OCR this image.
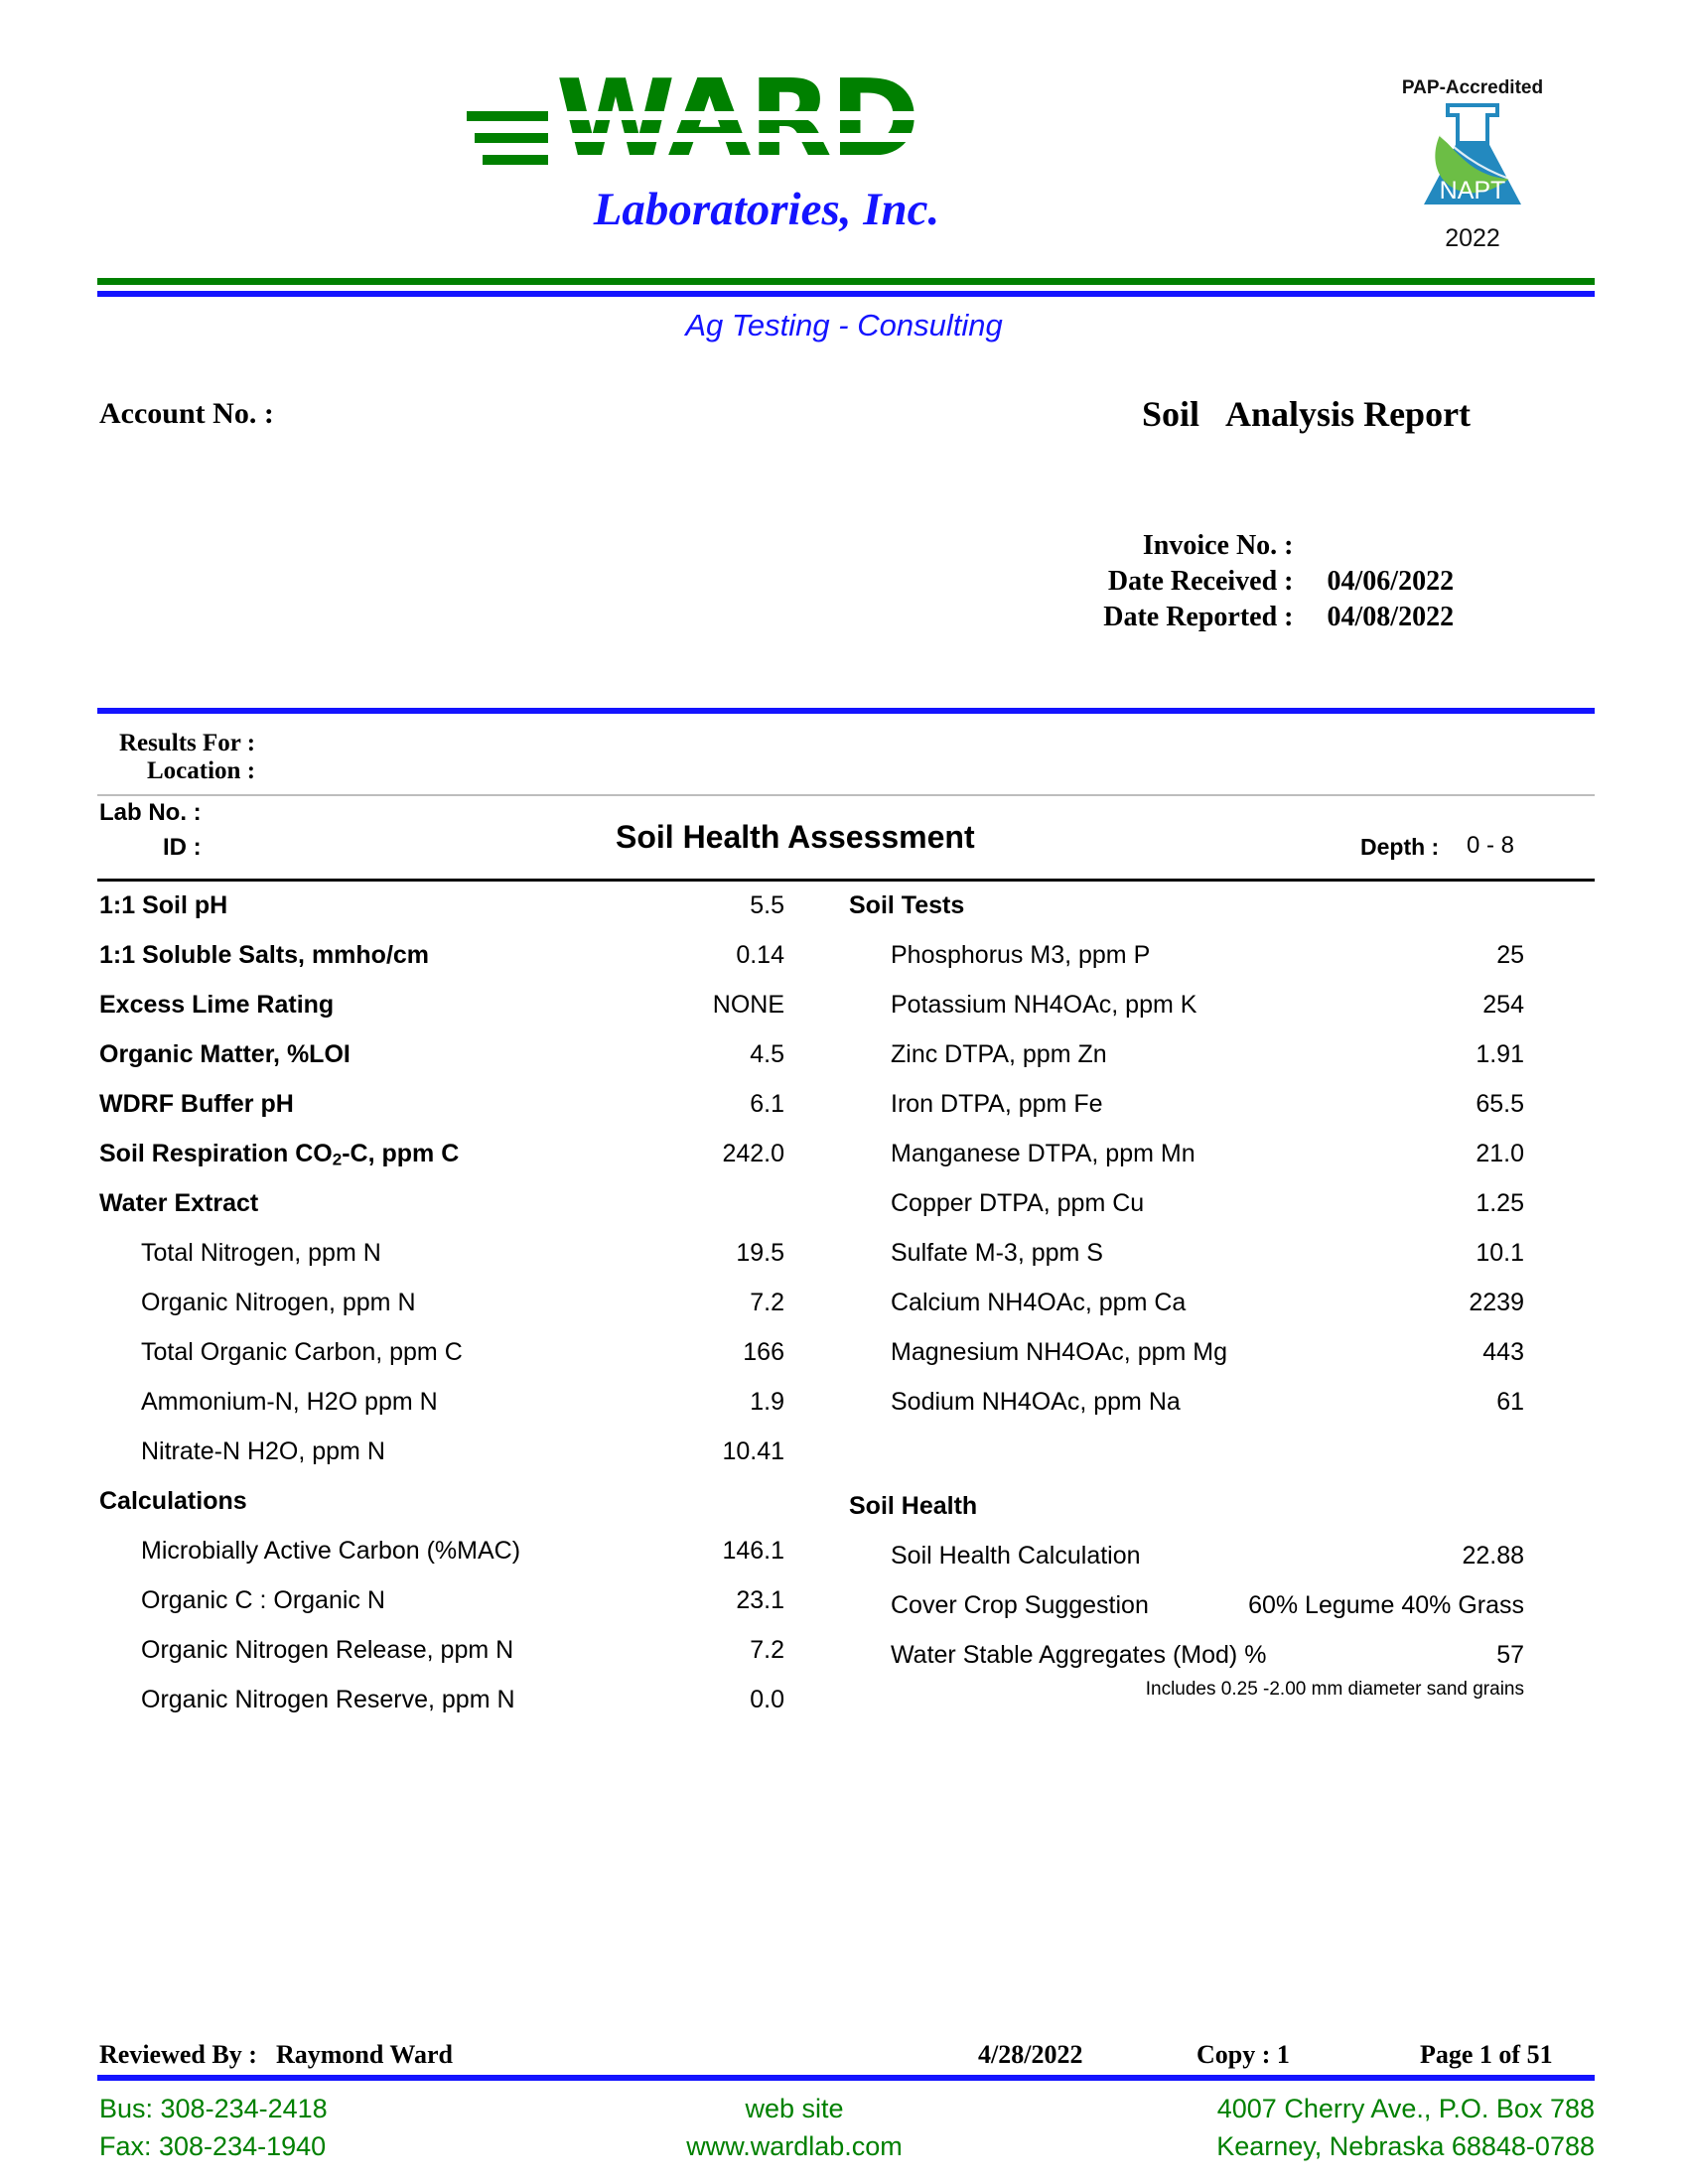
Laboratories, Inc.
PAP-Accredited
NAPT
2022
Ag Testing - Consulting
Account No. :	Soil Analysis Report
Invoice No. :
Date Received :	04/06/2022
Date Reported :	04/08/2022
Results For :
Location :
Lab No. :
ID :	Soil Health Assessment	Depth : 0 - 8
1:1 Soil pH	5.5
1:1 Soluble Salts, mmho/cm	0.14
Excess Lime Rating	NONE
Organic Matter, %LOI	4.5
WDRF Buffer pH	6.1
Soil Respiration $CO_2-C$, ppm C	242.0
Water Extract
Total Nitrogen, ppm N	19.5
Organic Nitrogen, ppm N	7.2
Total Organic Carbon, ppm C	166
Ammonium-N, H2O ppm N	1.9
Nitrate-N H2O, ppm N	10.41
Calculations
Microbially Active Carbon (%MAC)	146.1
Organic C : Organic N	23.1
Organic Nitrogen Release, ppm N	7.2
Organic Nitrogen Reserve, ppm N	0.0
Soil Tests
Phosphorus M3, ppm P	25
Potassium NH4OAc, ppm K	254
Zinc DTPA, ppm Zn	1.91
Iron DTPA, ppm Fe	65.5
Manganese DTPA, ppm Mn	21.0
Copper DTPA, ppm Cu	1.25
Sulfate M-3, ppm S	10.1
Calcium NH4OAc, ppm Ca	2239
Magnesium NH4OAc, ppm Mg	443
Sodium NH4OAc, ppm Na	61
Soil Health
Soil Health Calculation	22.88
Cover Crop Suggestion	60% Legume 40% Grass
Water Stable Aggregates (Mod) %	57
Includes 0.25 -2.00 mm diameter sand grains
Reviewed By : Raymond Ward	4/28/2022	Copy : 1	Page 1 of 51
Bus: 308-234-2418
Fax: 308-234-1940
web site
www.wardlab.com
4007 Cherry Ave., P.O. Box 788
Kearney, Nebraska 68848-0788
